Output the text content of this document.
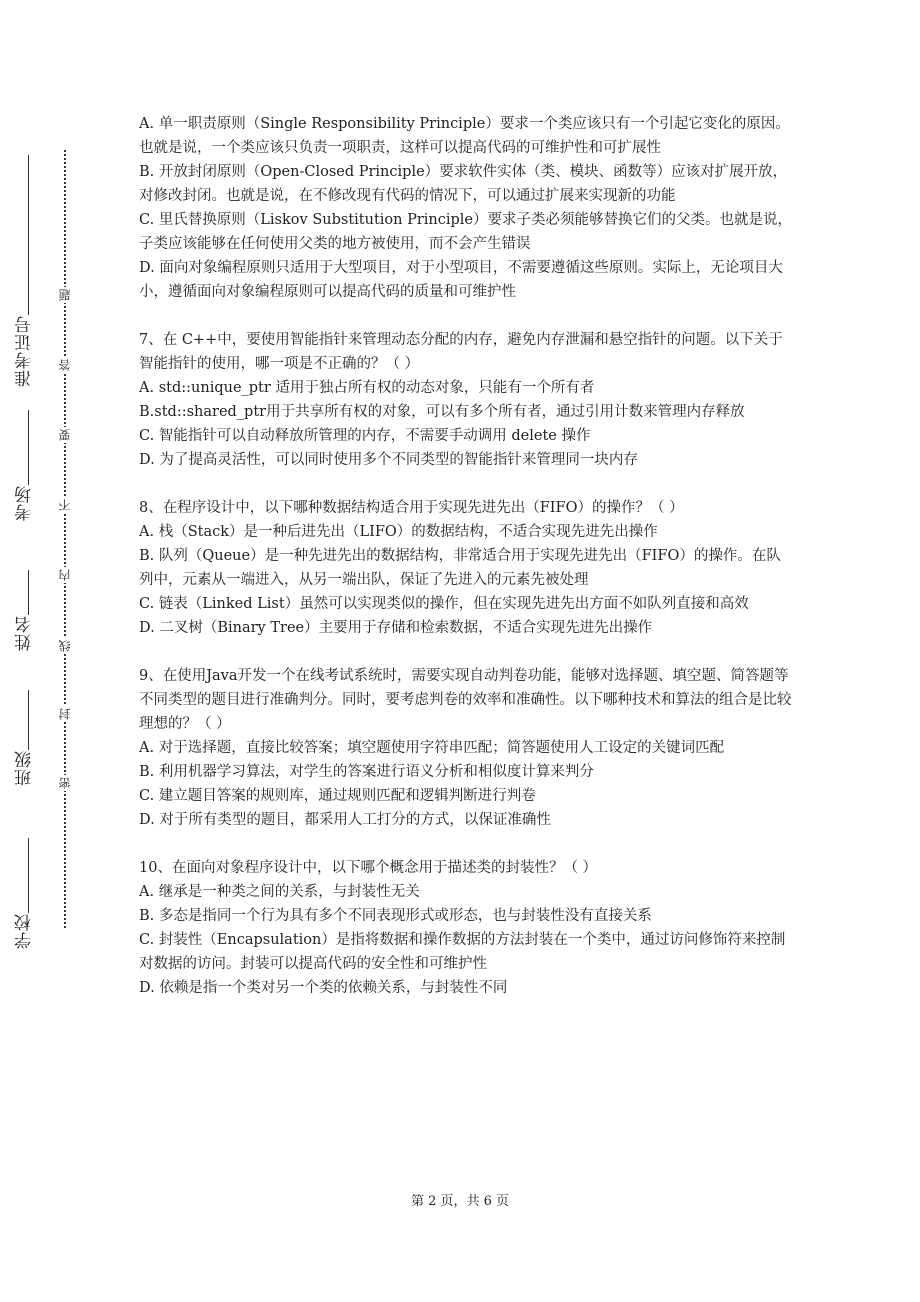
准考证号
考场
姓名
班级
学校
密
封
线
内
不
要
答
题

A. 单一职责原则（Single Responsibility Principle）要求一个类应该只有一个引起它变化的原因。也就是说，一个类应该只负责一项职责，这样可以提高代码的可维护性和可扩展性

B. 开放封闭原则（Open-Closed Principle）要求软件实体（类、模块、函数等）应该对扩展开放，对修改封闭。也就是说，在不修改现有代码的情况下，可以通过扩展来实现新的功能

C. 里氏替换原则（Liskov Substitution Principle）要求子类必须能够替换它们的父类。也就是说，子类应该能够在任何使用父类的地方被使用，而不会产生错误

D. 面向对象编程原则只适用于大型项目，对于小型项目，不需要遵循这些原则。实际上，无论项目大小，遵循面向对象编程原则可以提高代码的质量和可维护性

7、在 C++中，要使用智能指针来管理动态分配的内存，避免内存泄漏和悬空指针的问题。以下关于智能指针的使用，哪一项是不正确的？（ ）

A. std::unique_ptr 适用于独占所有权的动态对象，只能有一个所有者

B.std::shared_ptr用于共享所有权的对象，可以有多个所有者，通过引用计数来管理内存释放

C. 智能指针可以自动释放所管理的内存，不需要手动调用 delete 操作

D. 为了提高灵活性，可以同时使用多个不同类型的智能指针来管理同一块内存

8、在程序设计中，以下哪种数据结构适合用于实现先进先出（FIFO）的操作？（ ）

A. 栈（Stack）是一种后进先出（LIFO）的数据结构，不适合实现先进先出操作

B. 队列（Queue）是一种先进先出的数据结构，非常适合用于实现先进先出（FIFO）的操作。在队列中，元素从一端进入，从另一端出队，保证了先进入的元素先被处理

C. 链表（Linked List）虽然可以实现类似的操作，但在实现先进先出方面不如队列直接和高效

D. 二叉树（Binary Tree）主要用于存储和检索数据，不适合实现先进先出操作

9、在使用Java开发一个在线考试系统时，需要实现自动判卷功能，能够对选择题、填空题、简答题等不同类型的题目进行准确判分。同时，要考虑判卷的效率和准确性。以下哪种技术和算法的组合是比较理想的？（ ）

A. 对于选择题，直接比较答案；填空题使用字符串匹配；简答题使用人工设定的关键词匹配

B. 利用机器学习算法，对学生的答案进行语义分析和相似度计算来判分

C. 建立题目答案的规则库，通过规则匹配和逻辑判断进行判卷

D. 对于所有类型的题目，都采用人工打分的方式，以保证准确性

10、在面向对象程序设计中，以下哪个概念用于描述类的封装性？（ ）

A. 继承是一种类之间的关系，与封装性无关

B. 多态是指同一个行为具有多个不同表现形式或形态，也与封装性没有直接关系

C. 封装性（Encapsulation）是指将数据和操作数据的方法封装在一个类中，通过访问修饰符来控制对数据的访问。封装可以提高代码的安全性和可维护性

D. 依赖是指一个类对另一个类的依赖关系，与封装性不同

第 2 页，共 6 页
